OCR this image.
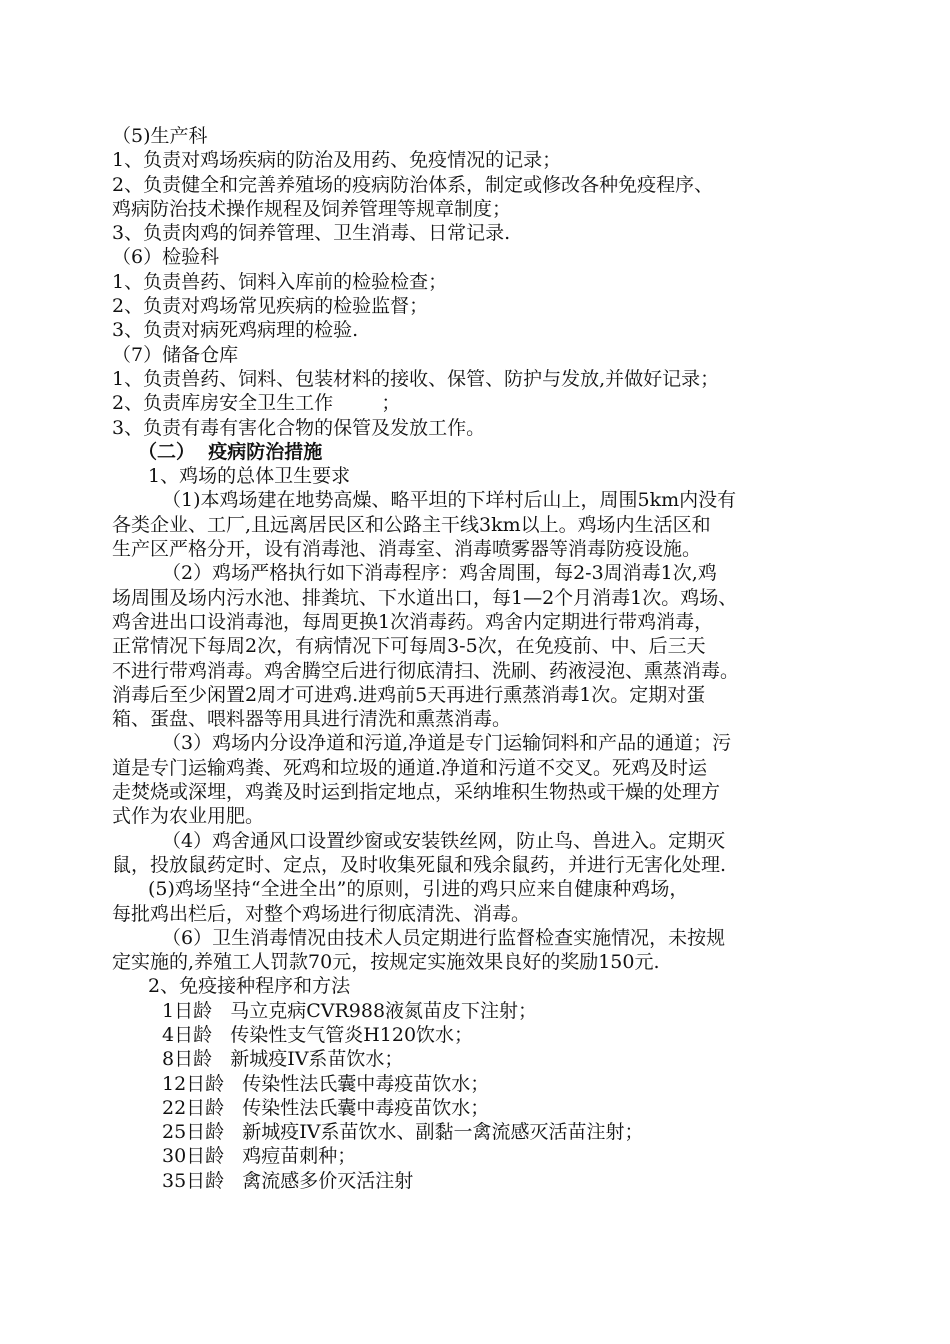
（5)生产科
1、负责对鸡场疾病的防治及用药、免疫情况的记录；
2、负责健全和完善养殖场的疫病防治体系，制定或修改各种免疫程序、
鸡病防治技术操作规程及饲养管理等规章制度；
3、负责肉鸡的饲养管理、卫生消毒、日常记录.
（6）检验科
1、负责兽药、饲料入库前的检验检查；
2、负责对鸡场常见疾病的检验监督；
3、负责对病死鸡病理的检验.
（7）储备仓库
1、负责兽药、饲料、包装材料的接收、保管、防护与发放,并做好记录；
2、负责库房安全卫生工作        ；
3、负责有毒有害化合物的保管及发放工作。
（二）  疫病防治措施
1、鸡场的总体卫生要求
（1)本鸡场建在地势高燥、略平坦的下垟村后山上，周围5km内没有
各类企业、工厂,且远离居民区和公路主干线3km以上。鸡场内生活区和
生产区严格分开，设有消毒池、消毒室、消毒喷雾器等消毒防疫设施。
（2）鸡场严格执行如下消毒程序：鸡舍周围，每2-3周消毒1次,鸡
场周围及场内污水池、排粪坑、下水道出口，每1—2个月消毒1次。鸡场、
鸡舍进出口设消毒池，每周更换1次消毒药。鸡舍内定期进行带鸡消毒，
正常情况下每周2次，有病情况下可每周3-5次，在免疫前、中、后三天
不进行带鸡消毒。鸡舍腾空后进行彻底清扫、洗刷、药液浸泡、熏蒸消毒。
消毒后至少闲置2周才可进鸡.进鸡前5天再进行熏蒸消毒1次。定期对蛋
箱、蛋盘、喂料器等用具进行清洗和熏蒸消毒。
（3）鸡场内分设净道和污道,净道是专门运输饲料和产品的通道；污
道是专门运输鸡粪、死鸡和垃圾的通道.净道和污道不交叉。死鸡及时运
走焚烧或深埋，鸡粪及时运到指定地点，采纳堆积生物热或干燥的处理方
式作为农业用肥。
（4）鸡舍通风口设置纱窗或安装铁丝网，防止鸟、兽进入。定期灭
鼠，投放鼠药定时、定点，及时收集死鼠和残余鼠药，并进行无害化处理.
(5)鸡场坚持“全进全出”的原则，引进的鸡只应来自健康种鸡场，
每批鸡出栏后，对整个鸡场进行彻底清洗、消毒。
（6）卫生消毒情况由技术人员定期进行监督检查实施情况，未按规
定实施的,养殖工人罚款70元，按规定实施效果良好的奖励150元.
2、免疫接种程序和方法
1日龄   马立克病CVR988液氮苗皮下注射；
4日龄   传染性支气管炎H120饮水；
8日龄   新城疫IV系苗饮水；
12日龄   传染性法氏囊中毒疫苗饮水；
22日龄   传染性法氏囊中毒疫苗饮水；
25日龄   新城疫IV系苗饮水、副黏一禽流感灭活苗注射；
30日龄   鸡痘苗刺种；
35日龄   禽流感多价灭活注射
